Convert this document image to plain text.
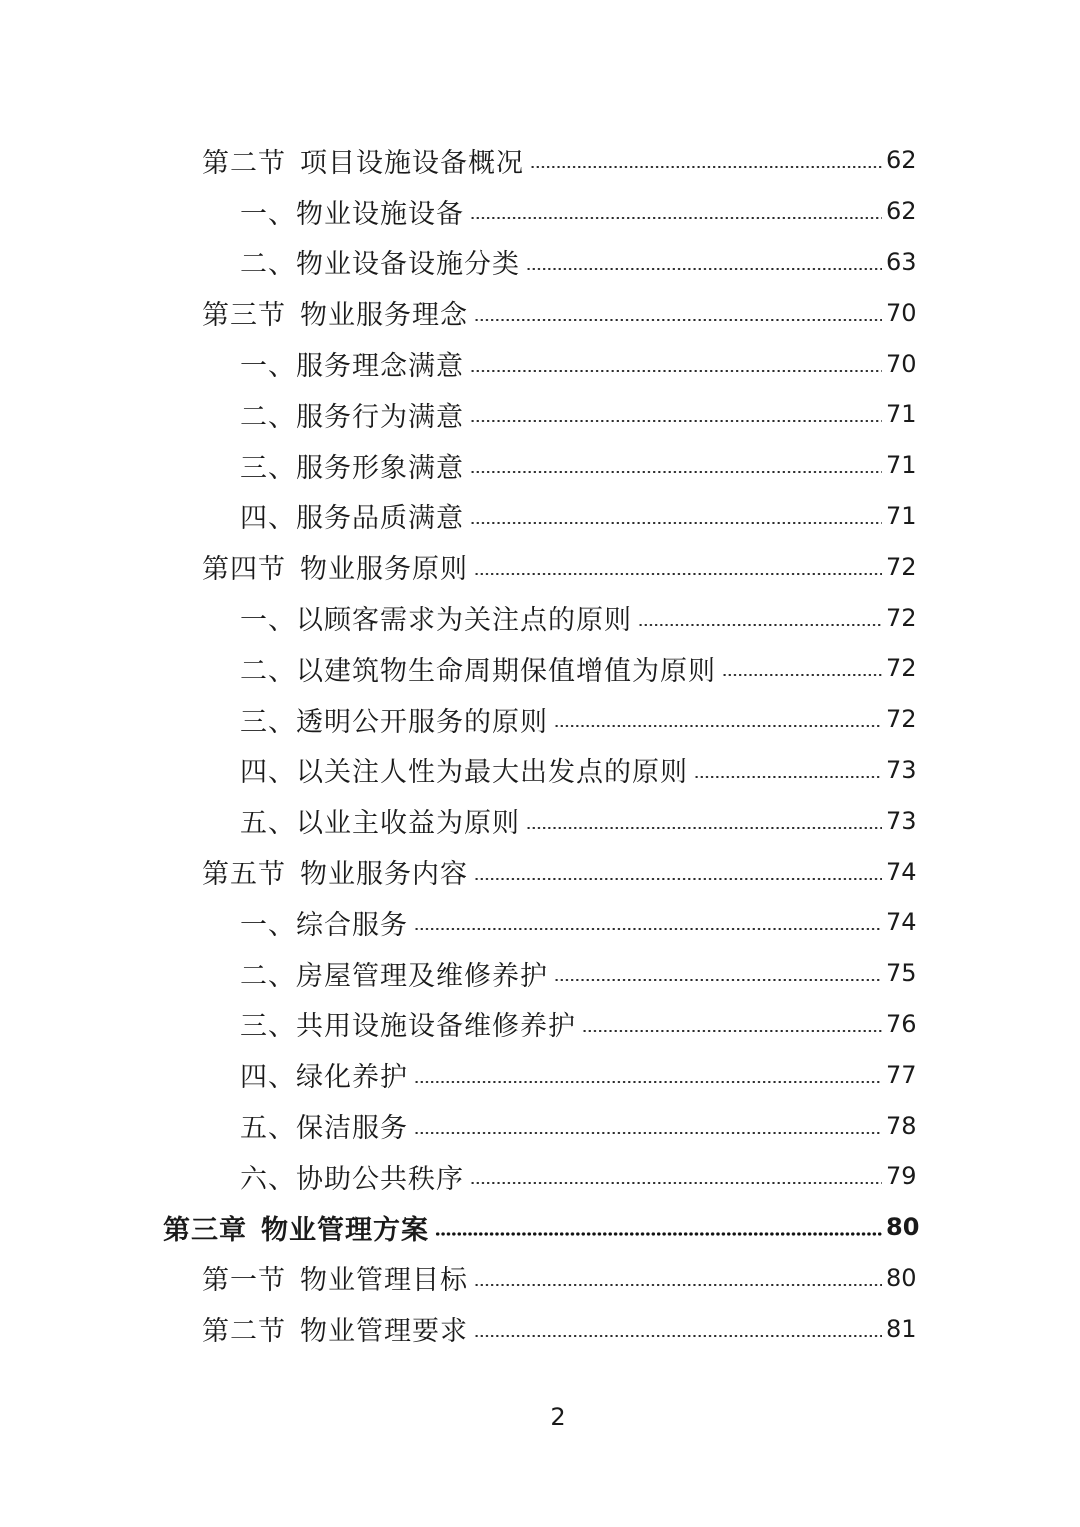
第二节 项目设施设备概况	62
一、物业设施设备	62
二、物业设备设施分类	63
第三节 物业服务理念	70
一、服务理念满意	70
二、服务行为满意	71
三、服务形象满意	71
四、服务品质满意	71
第四节 物业服务原则	72
一、以顾客需求为关注点的原则	72
二、以建筑物生命周期保值增值为原则	72
三、透明公开服务的原则	72
四、以关注人性为最大出发点的原则	73
五、以业主收益为原则	73
第五节 物业服务内容	74
一、综合服务	74
二、房屋管理及维修养护	75
三、共用设施设备维修养护	76
四、绿化养护	77
五、保洁服务	78
六、协助公共秩序	79
第三章 物业管理方案	80
第一节 物业管理目标	80
第二节 物业管理要求	81
2
